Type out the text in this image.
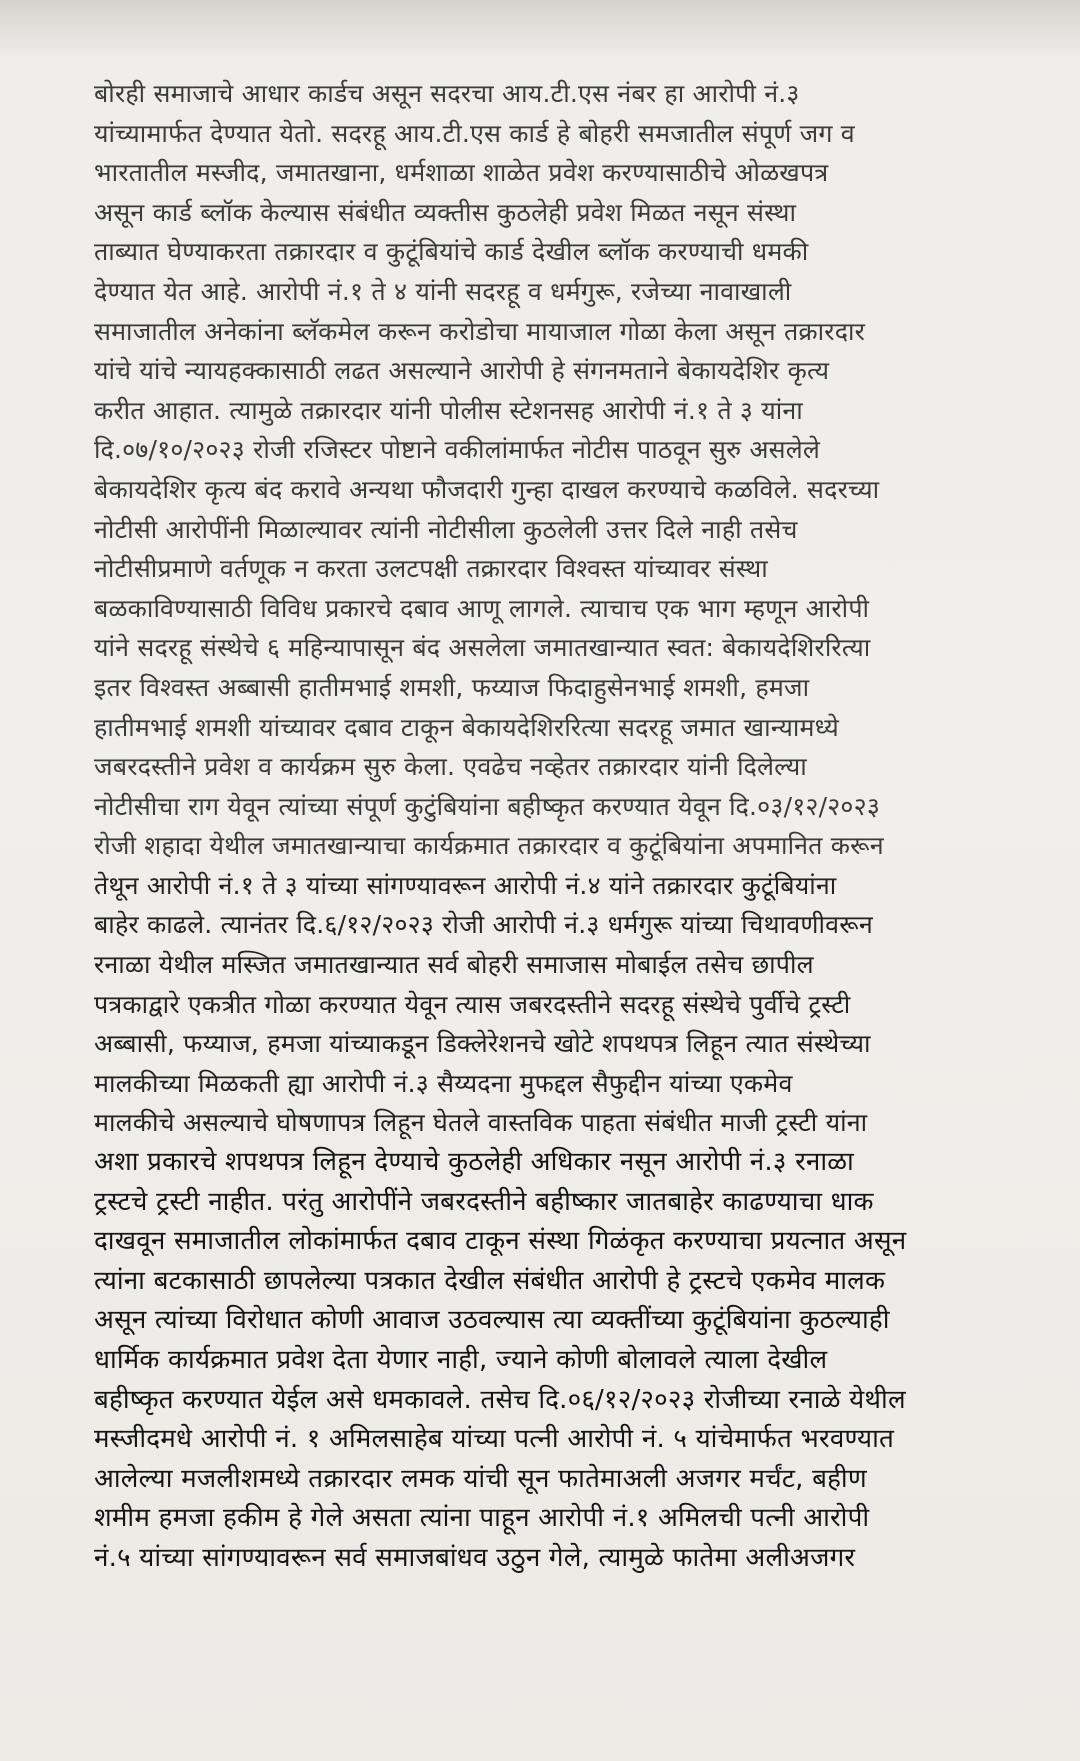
बोरही समाजाचे आधार कार्डच असून सदरचा आय.टी.एस नंबर हा आरोपी नं.३
यांच्यामार्फत देण्यात येतो. सदरहू आय.टी.एस कार्ड हे बोहरी समजातील संपूर्ण जग व
भारतातील मस्जीद, जमातखाना, धर्मशाळा शाळेत प्रवेश करण्यासाठीचे ओळखपत्र
असून कार्ड ब्लॉक केल्यास संबंधीत व्यक्तीस कुठलेही प्रवेश मिळत नसून संस्था
ताब्यात घेण्याकरता तक्रारदार व कुटूंबियांचे कार्ड देखील ब्लॉक करण्याची धमकी
देण्यात येत आहे. आरोपी नं.१ ते ४ यांनी सदरहू व धर्मगुरू, रजेच्या नावाखाली
समाजातील अनेकांना ब्लॅकमेल करून करोडोचा मायाजाल गोळा केला असून तक्रारदार
यांचे यांचे न्यायहक्कासाठी लढत असल्याने आरोपी हे संगनमताने बेकायदेशिर कृत्य
करीत आहात. त्यामुळे तक्रारदार यांनी पोलीस स्टेशनसह आरोपी नं.१ ते ३ यांना
दि.०७/१०/२०२३ रोजी रजिस्टर पोष्टाने वकीलांमार्फत नोटीस पाठवून सुरु असलेले
बेकायदेशिर कृत्य बंद करावे अन्यथा फौजदारी गुन्हा दाखल करण्याचे कळविले. सदरच्या
नोटीसी आरोपींनी मिळाल्यावर त्यांनी नोटीसीला कुठलेली उत्तर दिले नाही तसेच
नोटीसीप्रमाणे वर्तणूक न करता उलटपक्षी तक्रारदार विश्वस्त यांच्यावर संस्था
बळकाविण्यासाठी विविध प्रकारचे दबाव आणू लागले. त्याचाच एक भाग म्हणून आरोपी
यांने सदरहू संस्थेचे ६ महिन्यापासून बंद असलेला जमातखान्यात स्वत: बेकायदेशिररित्या
इतर विश्वस्त अब्बासी हातीमभाई शमशी, फय्याज फिदाहुसेनभाई शमशी, हमजा
हातीमभाई शमशी यांच्यावर दबाव टाकून बेकायदेशिररित्या सदरहू जमात खान्यामध्ये
जबरदस्तीने प्रवेश व कार्यक्रम सुरु केला. एवढेच नव्हेतर तक्रारदार यांनी दिलेल्या
नोटीसीचा राग येवून त्यांच्या संपूर्ण कुटुंबियांना बहीष्कृत करण्यात येवून दि.०३/१२/२०२३
रोजी शहादा येथील जमातखान्याचा कार्यक्रमात तक्रारदार व कुटूंबियांना अपमानित करून
तेथून आरोपी नं.१ ते ३ यांच्या सांगण्यावरून आरोपी नं.४ यांने तक्रारदार कुटूंबियांना
बाहेर काढले. त्यानंतर दि.६/१२/२०२३ रोजी आरोपी नं.३ धर्मगुरू यांच्या चिथावणीवरून
रनाळा येथील मस्जित जमातखान्यात सर्व बोहरी समाजास मोबाईल तसेच छापील
पत्रकाद्वारे एकत्रीत गोळा करण्यात येवून त्यास जबरदस्तीने सदरहू संस्थेचे पुर्वीचे ट्रस्टी
अब्बासी, फय्याज, हमजा यांच्याकडून डिक्लेरेशनचे खोटे शपथपत्र लिहून त्यात संस्थेच्या
मालकीच्या मिळकती ह्या आरोपी नं.३ सैय्यदना मुफद्दल सैफुद्दीन यांच्या एकमेव
मालकीचे असल्याचे घोषणापत्र लिहून घेतले वास्तविक पाहता संबंधीत माजी ट्रस्टी यांना
अशा प्रकारचे शपथपत्र लिहून देण्याचे कुठलेही अधिकार नसून आरोपी नं.३ रनाळा
ट्रस्टचे ट्रस्टी नाहीत. परंतु आरोपींने जबरदस्तीने बहीष्कार जातबाहेर काढण्याचा धाक
दाखवून समाजातील लोकांमार्फत दबाव टाकून संस्था गिळंकृत करण्याचा प्रयत्नात असून
त्यांना बटकासाठी छापलेल्या पत्रकात देखील संबंधीत आरोपी हे ट्रस्टचे एकमेव मालक
असून त्यांच्या विरोधात कोणी आवाज उठवल्यास त्या व्यक्तींच्या कुटूंबियांना कुठल्याही
धार्मिक कार्यक्रमात प्रवेश देता येणार नाही, ज्याने कोणी बोलावले त्याला देखील
बहीष्कृत करण्यात येईल असे धमकावले. तसेच दि.०६/१२/२०२३ रोजीच्या रनाळे येथील
मस्जीदमधे आरोपी नं. १ अमिलसाहेब यांच्या पत्नी आरोपी नं. ५ यांचेमार्फत भरवण्यात
आलेल्या मजलीशमध्ये तक्रारदार लमक यांची सून फातेमाअली अजगर मर्चंट, बहीण
शमीम हमजा हकीम हे गेले असता त्यांना पाहून आरोपी नं.१ अमिलची पत्नी आरोपी
नं.५ यांच्या सांगण्यावरून सर्व समाजबांधव उठुन गेले, त्यामुळे फातेमा अलीअजगर
